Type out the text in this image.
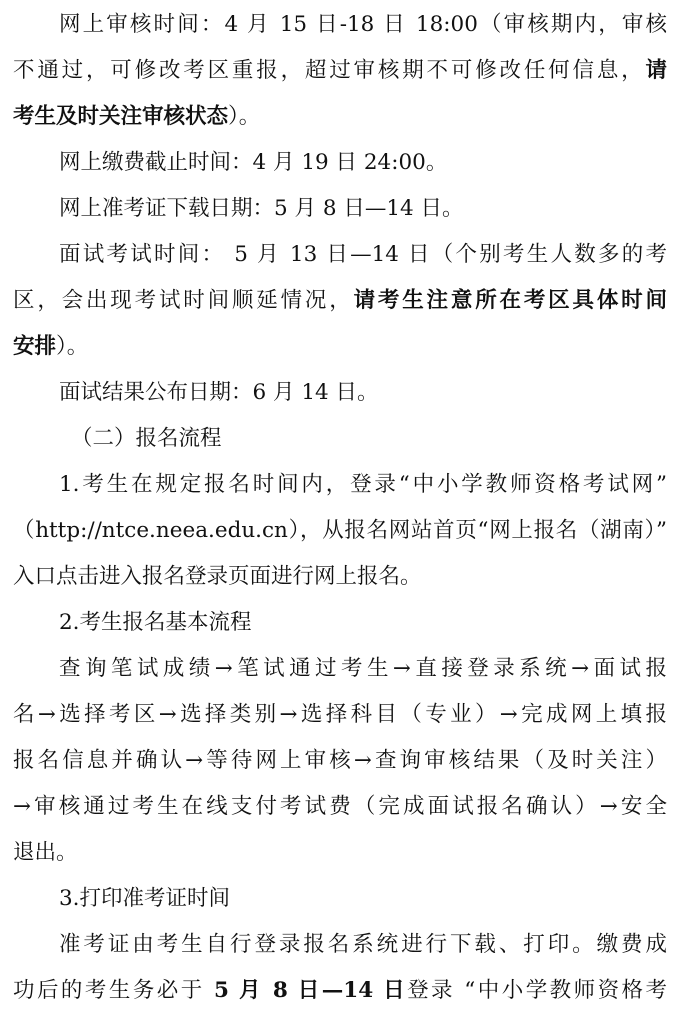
网上审核时间：4 月 15 日-18 日 18:00（审核期内，审核
不通过，可修改考区重报，超过审核期不可修改任何信息，请
考生及时关注审核状态）。
网上缴费截止时间：4 月 19 日 24:00。
网上准考证下载日期：5 月 8 日—14 日。
面试考试时间： 5 月 13 日—14 日（个别考生人数多的考
区，会出现考试时间顺延情况，请考生注意所在考区具体时间
安排）。
面试结果公布日期：6 月 14 日。
（二）报名流程
1.考生在规定报名时间内，登录“中小学教师资格考试网”
（http://ntce.neea.edu.cn），从报名网站首页“网上报名（湖南）”
入口点击进入报名登录页面进行网上报名。
2.考生报名基本流程
查询笔试成绩→笔试通过考生→直接登录系统→面试报
名→选择考区→选择类别→选择科目（专业）→完成网上填报
报名信息并确认→等待网上审核→查询审核结果（及时关注）
→审核通过考生在线支付考试费（完成面试报名确认）→安全
退出。
3.打印准考证时间
准考证由考生自行登录报名系统进行下载、打印。缴费成
功后的考生务必于 5 月 8 日—14 日登录 “中小学教师资格考
